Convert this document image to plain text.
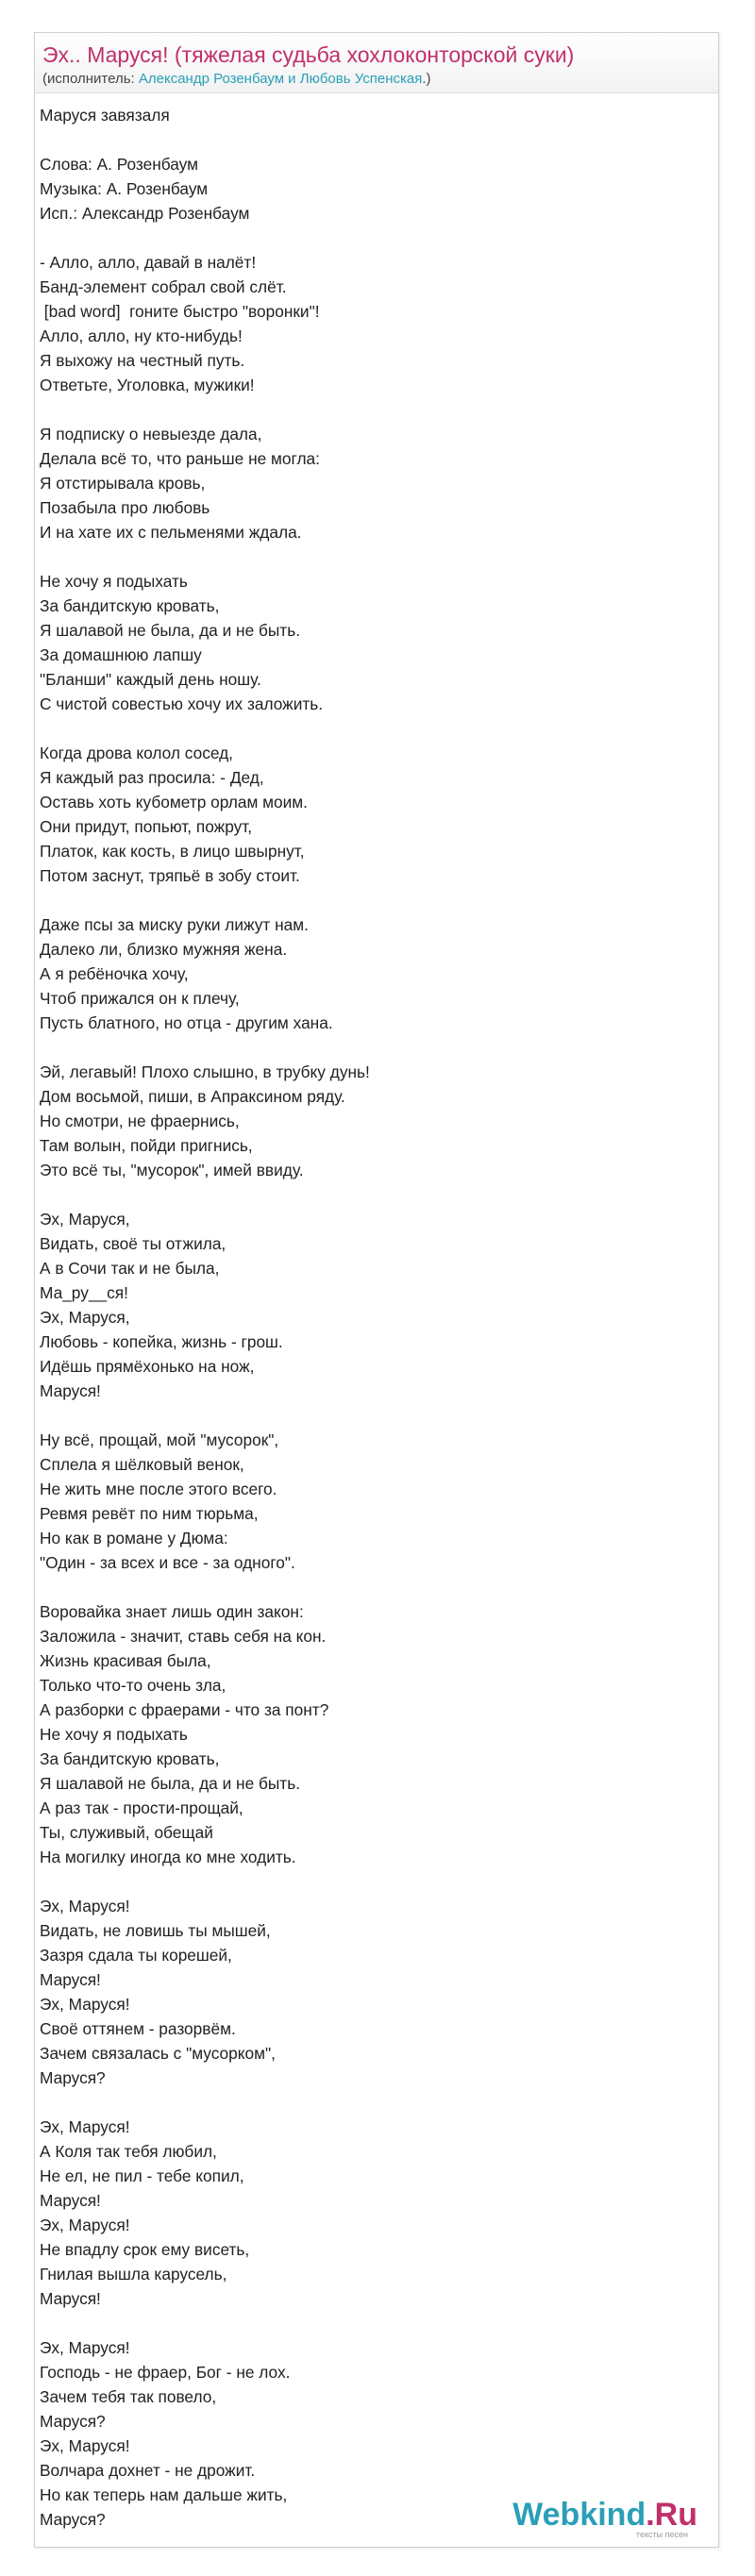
Эх.. Маруся! (тяжелая судьба хохлоконторской суки)
(исполнитель: Александр Розенбаум и Любовь Успенская.)
Маруся завязаля
Слова: А. Розенбаум
Музыка: А. Розенбаум
Исп.: Александр Розенбаум
- Алло, алло, давай в налёт!
Банд-элемент собрал свой слёт.
[bad word]  гоните быстро "воронки"!
Алло, алло, ну кто-нибудь!
Я выхожу на честный путь.
Ответьте, Уголовка, мужики!
Я подписку о невыезде дала,
Делала всё то, что раньше не могла:
Я отстирывала кровь,
Позабыла про любовь
И на хате их с пельменями ждала.
Не хочу я подыхать
За бандитскую кровать,
Я шалавой не была, да и не быть.
За домашнюю лапшу
"Бланши" каждый день ношу.
С чистой совестью хочу их заложить.
Когда дрова колол сосед,
Я каждый раз просила: - Дед,
Оставь хоть кубометр орлам моим.
Они придут, попьют, пожрут,
Платок, как кость, в лицо швырнут,
Потом заснут, тряпьё в зобу стоит.
Даже псы за миску руки лижут нам.
Далеко ли, близко мужняя жена.
А я ребёночка хочу,
Чтоб прижался он к плечу,
Пусть блатного, но отца - другим хана.
Эй, легавый! Плохо слышно, в трубку дунь!
Дом восьмой, пиши, в Апраксином ряду.
Но смотри, не фраернись,
Там волын, пойди пригнись,
Это всё ты, "мусорок", имей ввиду.
Эх, Маруся,
Видать, своё ты отжила,
А в Сочи так и не была,
Ма_ру__ся!
Эх, Маруся,
Любовь - копейка, жизнь - грош.
Идёшь прямёхонько на нож,
Маруся!
Ну всё, прощай, мой "мусорок",
Сплела я шёлковый венок,
Не жить мне после этого всего.
Ревмя ревёт по ним тюрьма,
Но как в романе у Дюма:
"Один - за всех и все - за одного".
Воровайка знает лишь один закон:
Заложила - значит, ставь себя на кон.
Жизнь красивая была,
Только что-то очень зла,
А разборки с фраерами - что за понт?
Не хочу я подыхать
За бандитскую кровать,
Я шалавой не была, да и не быть.
А раз так - прости-прощай,
Ты, служивый, обещай
На могилку иногда ко мне ходить.
Эх, Маруся!
Видать, не ловишь ты мышей,
Зазря сдала ты корешей,
Маруся!
Эх, Маруся!
Своё оттянем - разорвём.
Зачем связалась с "мусорком",
Маруся?
Эх, Маруся!
А Коля так тебя любил,
Не ел, не пил - тебе копил,
Маруся!
Эх, Маруся!
Не впадлу срок ему висеть,
Гнилая вышла карусель,
Маруся!
Эх, Маруся!
Господь - не фраер, Бог - не лох.
Зачем тебя так повело,
Маруся?
Эх, Маруся!
Волчара дохнет - не дрожит.
Но как теперь нам дальше жить,
Маруся?	Webkind.Ru
тексты песен
